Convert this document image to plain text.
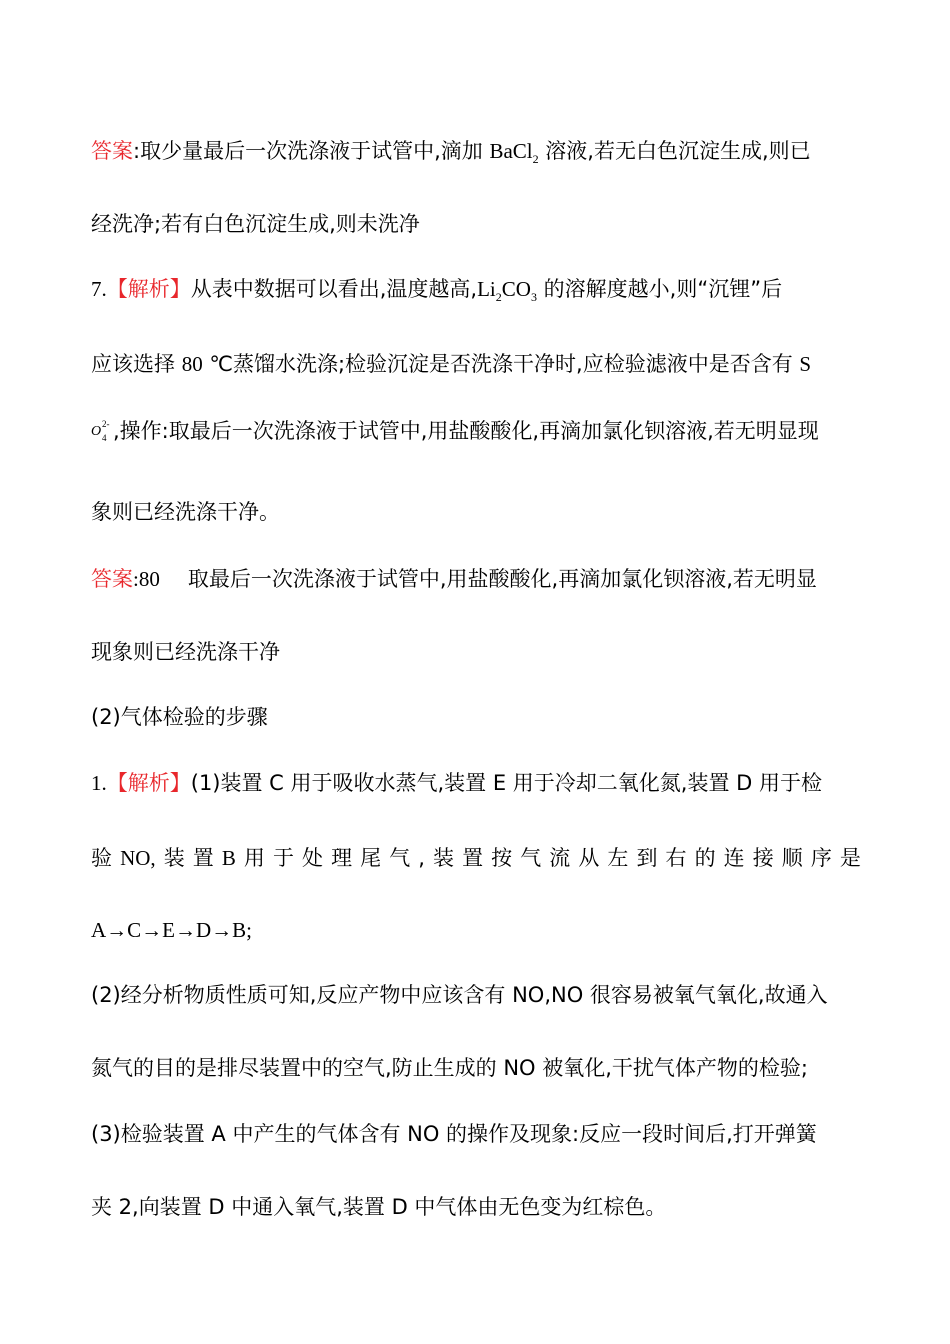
答案:取少量最后一次洗涤液于试管中,滴加 BaCl$_2$ 溶液,若无白色沉淀生成,则已
经洗净;若有白色沉淀生成,则未洗净
7.【解析】从表中数据可以看出,温度越高$,Li_2CO_3$ 的溶解度越小,则“沉锂”后
应该选择 80 ℃蒸馏水洗涤;检验沉淀是否洗涤干净时,应检验滤液中是否含有 S
O 4
2- ,操作:取最后一次洗涤液于试管中,用盐酸酸化,再滴加氯化钡溶液,若无明显现
象则已经洗涤干净。
答案:80 取最后一次洗涤液于试管中,用盐酸酸化,再滴加氯化钡溶液,若无明显
现象则已经洗涤干净
(2)气体检验的步骤
1.【解析】(1)装置 C 用于吸收水蒸气,装置 E 用于冷却二氧化氮,装置 D 用于检
验 NO, 装 置 B 用 于 处 理 尾 气 , 装 置 按 气 流 从 左 到 右 的 连 接 顺 序 是
A→C→E→D→B;
(2)经分析物质性质可知,反应产物中应该含有 NO,NO 很容易被氧气氧化,故通入
氮气的目的是排尽装置中的空气,防止生成的 NO 被氧化,干扰气体产物的检验;
(3)检验装置 A 中产生的气体含有 NO 的操作及现象:反应一段时间后,打开弹簧
夹 2,向装置 D 中通入氧气,装置 D 中气体由无色变为红棕色。
